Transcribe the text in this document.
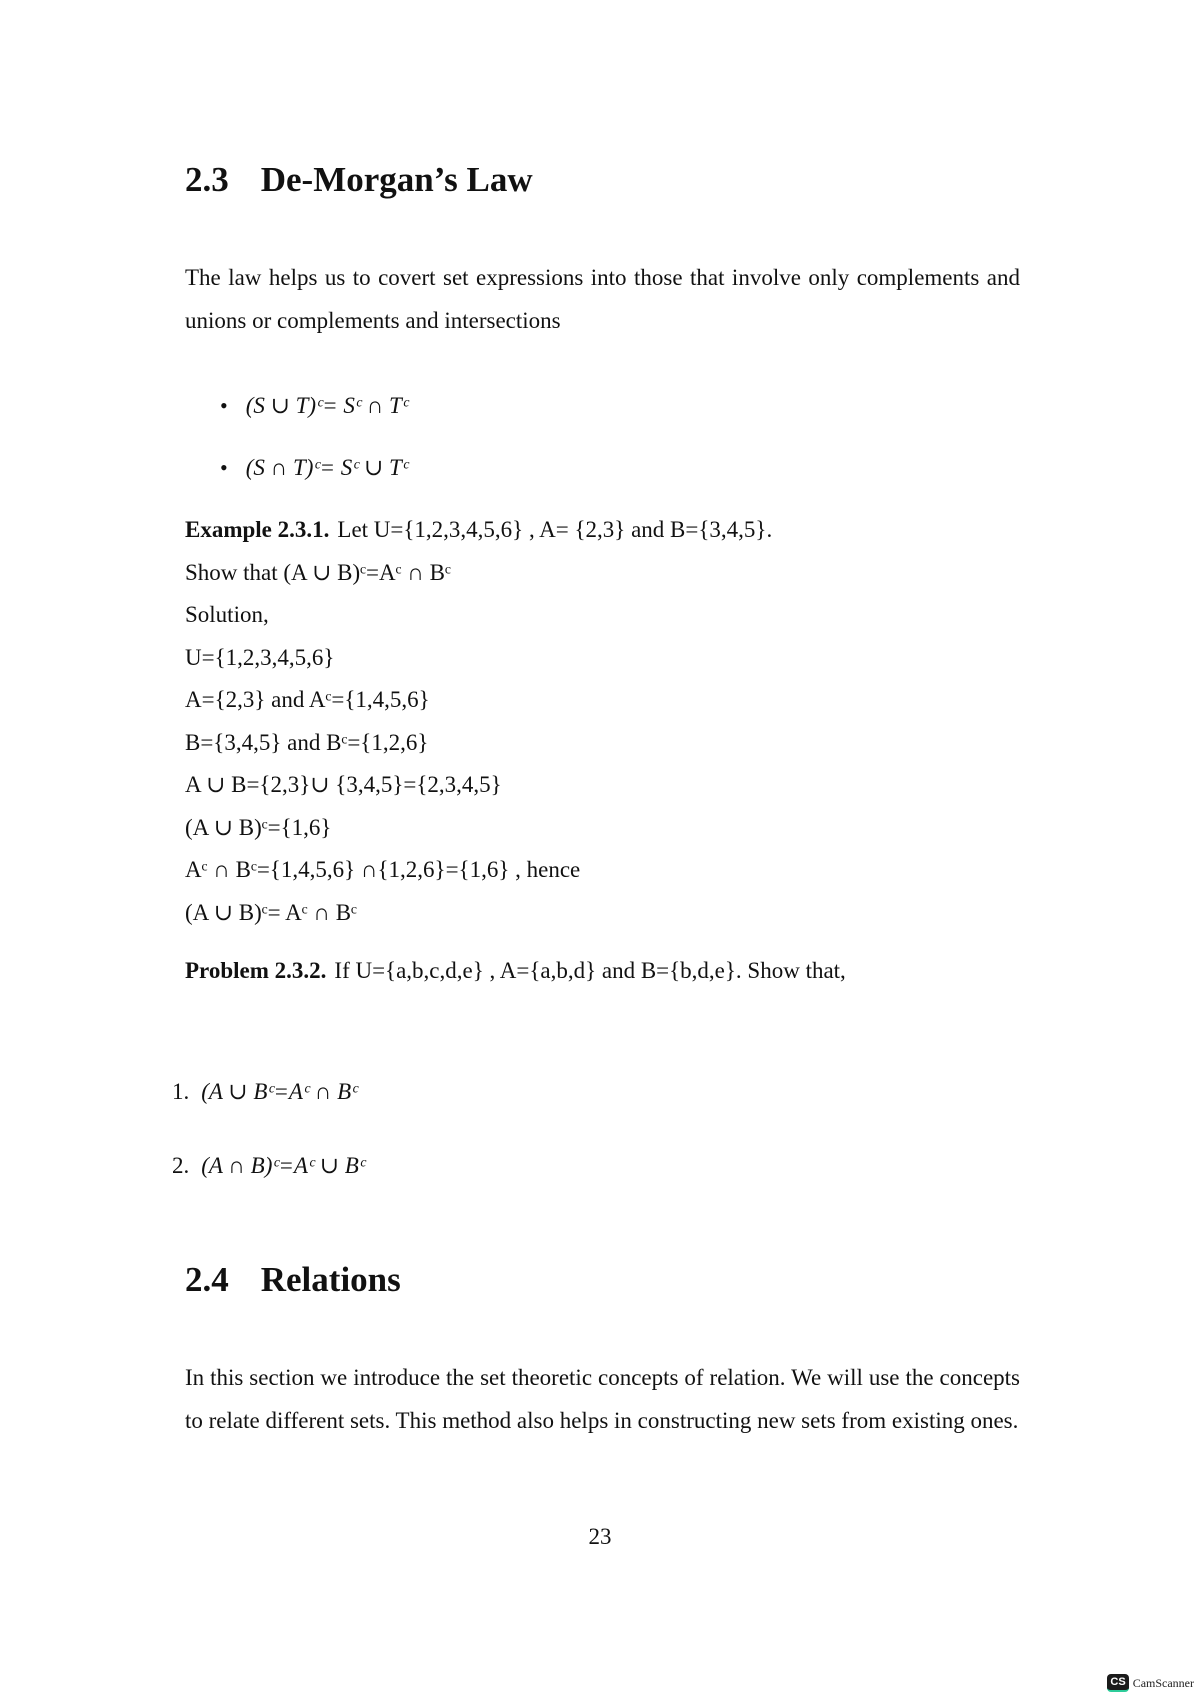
2.3 De-Morgan’s Law
The law helps us to covert set expressions into those that involve only complements and unions or complements and intersections
• (S ∪ T)ᶜ= Sᶜ ∩ Tᶜ
• (S ∩ T)ᶜ= Sᶜ ∪ Tᶜ
Example 2.3.1. Let U={1,2,3,4,5,6} , A= {2,3} and B={3,4,5}.
Show that (A ∪ B)ᶜ=Aᶜ ∩ Bᶜ
Solution,
U={1,2,3,4,5,6}
A={2,3} and Aᶜ={1,4,5,6}
B={3,4,5} and Bᶜ={1,2,6}
A ∪ B={2,3}∪ {3,4,5}={2,3,4,5}
(A ∪ B)ᶜ={1,6}
Aᶜ ∩ Bᶜ={1,4,5,6} ∩{1,2,6}={1,6} , hence
(A ∪ B)ᶜ= Aᶜ ∩ Bᶜ
Problem 2.3.2. If U={a,b,c,d,e} , A={a,b,d} and B={b,d,e}. Show that,
1. (A ∪ Bᶜ=Aᶜ ∩ Bᶜ
2. (A ∩ B)ᶜ=Aᶜ ∪ Bᶜ
2.4 Relations
In this section we introduce the set theoretic concepts of relation. We will use the concepts to relate different sets. This method also helps in constructing new sets from existing ones.
23
CS CamScanner
